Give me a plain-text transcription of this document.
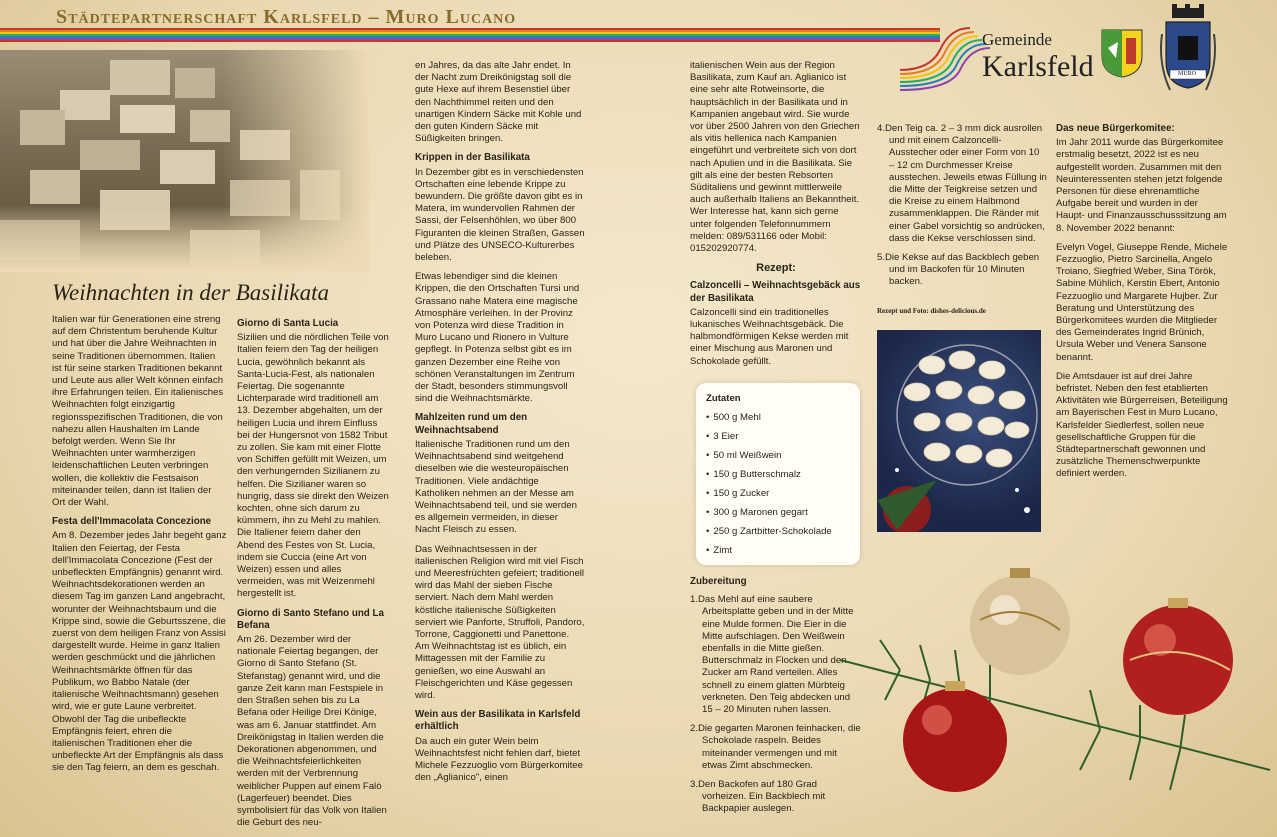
Städtepartnerschaft Karlsfeld – Muro Lucano
Gemeinde
Karlsfeld	MURO
Weihnachten in der Basilikata

Italien war für Generationen eine streng auf dem Christentum beruhende Kultur und hat über die Jahre Weihnachten in seine Traditionen übernommen. Italien ist für seine starken Traditionen bekannt und Leute aus aller Welt können einfach ihre Erfahrungen teilen. Ein italienisches Weihnachten folgt einzigartig regionsspezifischen Traditionen, die von nahezu allen Haushalten im Lande befolgt werden. Wenn Sie Ihr Weihnachten unter warmherzigen leidenschaftlichen Leuten verbringen wollen, die kollektiv die Festsaison miteinander teilen, dann ist Italien der Ort der Wahl.

Festa dell'Immacolata Concezione

Am 8. Dezember jedes Jahr begeht ganz Italien den Feiertag, der Festa dell'Immacolata Concezione (Fest der unbefleckten Empfängnis) genannt wird. Weihnachtsdekorationen werden an diesem Tag im ganzen Land angebracht, worunter der Weihnachtsbaum und die Krippe sind, sowie die Geburtsszene, die zuerst von dem heiligen Franz von Assisi dargestellt wurde. Heime in ganz Italien werden geschmückt und die jährlichen Weihnachtsmärkte öffnen für das Publikum, wo Babbo Natale (der italienische Weihnachtsmann) gesehen wird, wie er gute Laune verbreitet. Obwohl der Tag die unbefleckte Empfängnis feiert, ehren die italienischen Traditionen eher die unbefleckte Art der Empfängnis als dass sie den Tag feiern, an dem es geschah.

Giorno di Santa Lucia

Sizilien und die nördlichen Teile von Italien feiern den Tag der heiligen Lucia, gewöhnlich bekannt als Santa-Lucia-Fest, als nationalen Feiertag. Die sogenannte Lichterparade wird traditionell am 13. Dezember abgehalten, um der heiligen Lucia und ihrem Einfluss bei der Hungersnot von 1582 Tribut zu zollen. Sie kam mit einer Flotte von Schiffen gefüllt mit Weizen, um den verhungernden Sizilianern zu helfen. Die Sizilianer waren so hungrig, dass sie direkt den Weizen kochten, ohne sich darum zu kümmern, ihn zu Mehl zu mahlen. Die Italiener feiern daher den Abend des Festes von St. Lucia, indem sie Cuccia (eine Art von Weizen) essen und alles vermeiden, was mit Weizenmehl hergestellt ist.

Giorno di Santo Stefano und La Befana

Am 26. Dezember wird der nationale Feiertag begangen, der Giorno di Santo Stefano (St. Stefanstag) genannt wird, und die ganze Zeit kann man Festspiele in den Straßen sehen bis zu La Befana oder Heilige Drei Könige, was am 6. Januar stattfindet. Am Dreikönigstag in Italien werden die Dekorationen abgenommen, und die Weihnachtsfeierlichkeiten werden mit der Verbrennung weiblicher Puppen auf einem Falò (Lagerfeuer) beendet. Dies symbolisiert für das Volk von Italien die Geburt des neu-

en Jahres, da das alte Jahr endet. In der Nacht zum Dreikönigstag soll die gute Hexe auf ihrem Besenstiel über den Nachthimmel reiten und den unartigen Kindern Säcke mit Kohle und den guten Kindern Säcke mit Süßigkeiten bringen.

Krippen in der Basilikata

In Dezember gibt es in verschiedensten Ortschaften eine lebende Krippe zu bewundern. Die größte davon gibt es in Matera, im wundervollen Rahmen der Sassi, der Felsenhöhlen, wo über 800 Figuranten die kleinen Straßen, Gassen und Plätze des UNSECO-Kulturerbes beleben.

Etwas lebendiger sind die kleinen Krippen, die den Ortschaften Tursi und Grassano nahe Matera eine magische Atmosphäre verleihen. In der Provinz von Potenza wird diese Tradition in Muro Lucano und Rionero in Vulture gepflegt. In Potenza selbst gibt es im ganzen Dezember eine Reihe von schönen Veranstaltungen im Zentrum der Stadt, besonders stimmungsvoll sind die Weihnachtsmärkte.

Mahlzeiten rund um den Weihnachtsabend

Italienische Traditionen rund um den Weihnachtsabend sind weitgehend dieselben wie die westeuropäischen Traditionen. Viele andächtige Katholiken nehmen an der Messe am Weihnachtsabend teil, und sie werden es allgemein vermeiden, in dieser Nacht Fleisch zu essen.

Das Weihnachtsessen in der italienischen Religion wird mit viel Fisch und Meeresfrüchten gefeiert; traditionell wird das Mahl der sieben Fische serviert. Nach dem Mahl werden köstliche italienische Süßigkeiten serviert wie Panforte, Struffoli, Pandoro, Torrone, Caggionetti und Panettone. Am Weihnachtstag ist es üblich, ein Mittagessen mit der Familie zu genießen, wo eine Auswahl an Fleischgerichten und Käse gegessen wird.

Wein aus der Basilikata in Karlsfeld erhältlich

Da auch ein guter Wein beim Weihnachtsfest nicht fehlen darf, bietet Michele Fezzuoglio vom Bürgerkomitee den „Aglianico", einen

italienischen Wein aus der Region Basilikata, zum Kauf an. Aglianico ist eine sehr alte Rotweinsorte, die hauptsächlich in der Basilikata und in Kampanien angebaut wird. Sie wurde vor über 2500 Jahren von den Griechen als vitis hellenica nach Kampanien eingeführt und verbreitete sich von dort nach Apulien und in die Basilikata. Sie gilt als eine der besten Rebsorten Süditaliens und gewinnt mittlerweile auch außerhalb Italiens an Bekanntheit. Wer Interesse hat, kann sich gerne unter folgenden Telefonnummern melden: 089/531166 oder Mobil: 015202920774.

Rezept:
Calzoncelli – Weihnachtsgebäck aus der Basilikata

Calzoncelli sind ein traditionelles lukanisches Weihnachtsgebäck. Die halbmondförmigen Kekse werden mit einer Mischung aus Maronen und Schokolade gefüllt.

Zutaten
• 500 g Mehl
• 3 Eier
• 50 ml Weißwein
• 150 g Butterschmalz
• 150 g Zucker
• 300 g Maronen gegart
• 250 g Zartbitter-Schokolade
• Zimt
Zubereitung
1.Das Mehl auf eine saubere Arbeitsplatte geben und in der Mitte eine Mulde formen. Die Eier in die Mitte aufschlagen. Den Weißwein ebenfalls in die Mitte gießen. Butterschmalz in Flocken und den Zucker am Rand verteilen. Alles schnell zu einem glatten Mürbteig verkneten. Den Teig abdecken und 15 – 20 Minuten ruhen lassen.
2.Die gegarten Maronen feinhacken, die Schokolade raspeln. Beides miteinander vermengen und mit etwas Zimt abschmecken.
3.Den Backofen auf 180 Grad vorheizen. Ein Backblech mit Backpapier auslegen.
4.Den Teig ca. 2 – 3 mm dick ausrollen und mit einem Calzoncelli-Ausstecher oder einer Form von 10 – 12 cm Durchmesser Kreise ausstechen. Jeweils etwas Füllung in die Mitte der Teigkreise setzen und die Kreise zu einem Halbmond zusammenklappen. Die Ränder mit einer Gabel vorsichtig so andrücken, dass die Kekse verschlossen sind.
5.Die Kekse auf das Backblech geben und im Backofen für 10 Minuten backen.
Rezept und Foto: dishes-delicious.de
Das neue Bürgerkomitee:

Im Jahr 2011 wurde das Bürgerkomitee erstmalig besetzt, 2022 ist es neu aufgestellt worden. Zusammen mit den Neuinteressenten stehen jetzt folgende Personen für diese ehrenamtliche Aufgabe bereit und wurden in der Haupt- und Finanzausschusssitzung am 8. November 2022 benannt:

Evelyn Vogel, Giuseppe Rende, Michele Fezzuoglio, Pietro Sarcinella, Angelo Troiano, Siegfried Weber, Sina Török, Sabine Mühlich, Kerstin Ebert, Antonio Fezzuoglio und Margarete Hujber. Zur Beratung und Unterstützung des Bürgerkomitees wurden die Mitglieder des Gemeinderates Ingrid Brünich, Ursula Weber und Venera Sansone benannt.

Die Amtsdauer ist auf drei Jahre befristet. Neben den fest etablierten Aktivitäten wie Bürgerreisen, Beteiligung am Bayerischen Fest in Muro Lucano, Karlsfelder Siedlerfest, sollen neue gesellschaftliche Gruppen für die Städtepartnerschaft gewonnen und zusätzliche Themenschwerpunkte definiert werden.
